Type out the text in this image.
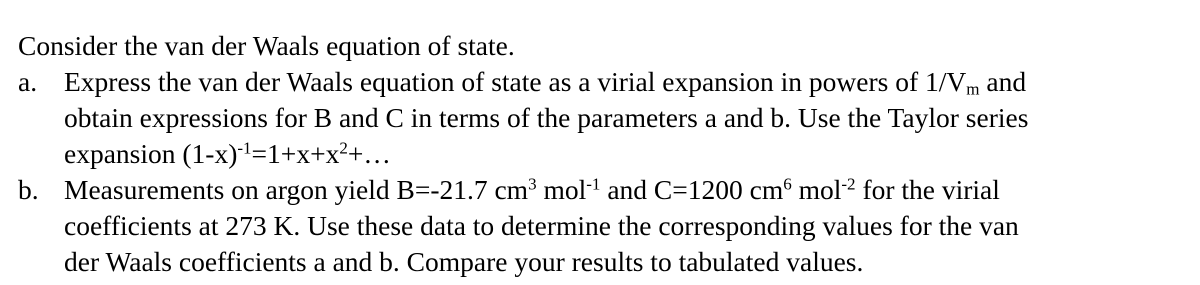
Consider the van der Waals equation of state.

a. Express the van der Waals equation of state as a virial expansion in powers of $1/V_m$ and
obtain expressions for B and C in terms of the parameters a and b. Use the Taylor series
expansion $(1-x)^{-1}=1+x+x^2+\dots$
b. Measurements on argon yield B=-21.7 $cm^3$ mol$^{-1}$ and C=1200 $cm^6$ mol$^{-2}$ for the virial
coefficients at 273 K. Use these data to determine the corresponding values for the van
der Waals coefficients a and b. Compare your results to tabulated values.
